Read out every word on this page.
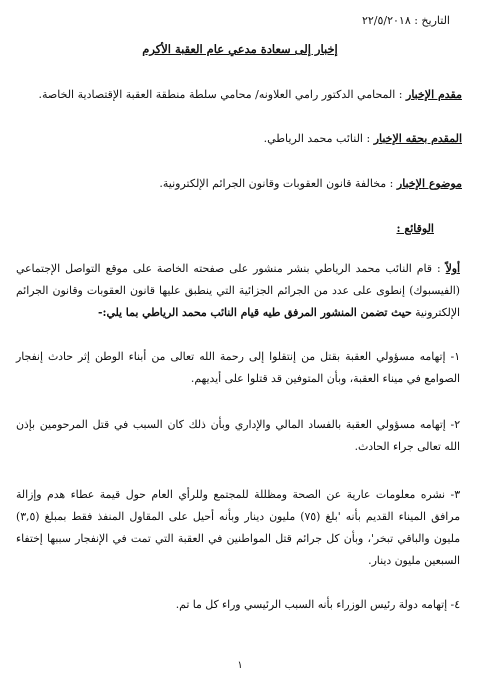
التاريخ : ٢٢/٥/٢٠١٨
إخبار إلى سعادة مدعي عام العقبة الأكرم
مقدم الإخبار : المحامي الدكتور رامي العلاونه/ محامي سلطة منطقة العقبة الإقتصادية الخاصة.
المقدم بحقه الإخبار : النائب محمد الرياطي.
موضوع الإخبار : مخالفة قانون العقوبات وقانون الجرائم الإلكترونية.
الوقائع :
أولاً : قام النائب محمد الرياطي بنشر منشور على صفحته الخاصة على موقع التواصل الإجتماعي (الفيسبوك) إنطوى على عدد من الجرائم الجزائية التي ينطبق عليها قانون العقوبات وقانون الجرائم الإلكترونية حيث تضمن المنشور المرفق طيه قيام النائب محمد الرياطي بما يلي:-
١- إتهامه مسؤولي العقبة بقتل من إنتقلوا إلى رحمة الله تعالى من أبناء الوطن إثر حادث إنفجار الصوامع في ميناء العقبة، وبأن المتوفين قد قتلوا على أيديهم.
٢- إتهامه مسؤولي العقبة بالفساد المالي والإداري وبأن ذلك كان السبب في قتل المرحومين بإذن الله تعالى جراء الحادث.
٣- نشره معلومات عارية عن الصحة ومظللة للمجتمع وللرأي العام حول قيمة عطاء هدم وإزالة مرافق الميناء القديم بأنه 'بلغ (٧٥) مليون دينار وبأنه أحيل على المقاول المنفذ فقط بمبلغ (٣,٥) مليون والباقي تبخر'، وبأن كل جرائم قتل المواطنين في العقبة التي تمت في الإنفجار سببها إختفاء السبعين مليون دينار.
٤- إتهامه دولة رئيس الوزراء بأنه السبب الرئيسي وراء كل ما تم.
١
